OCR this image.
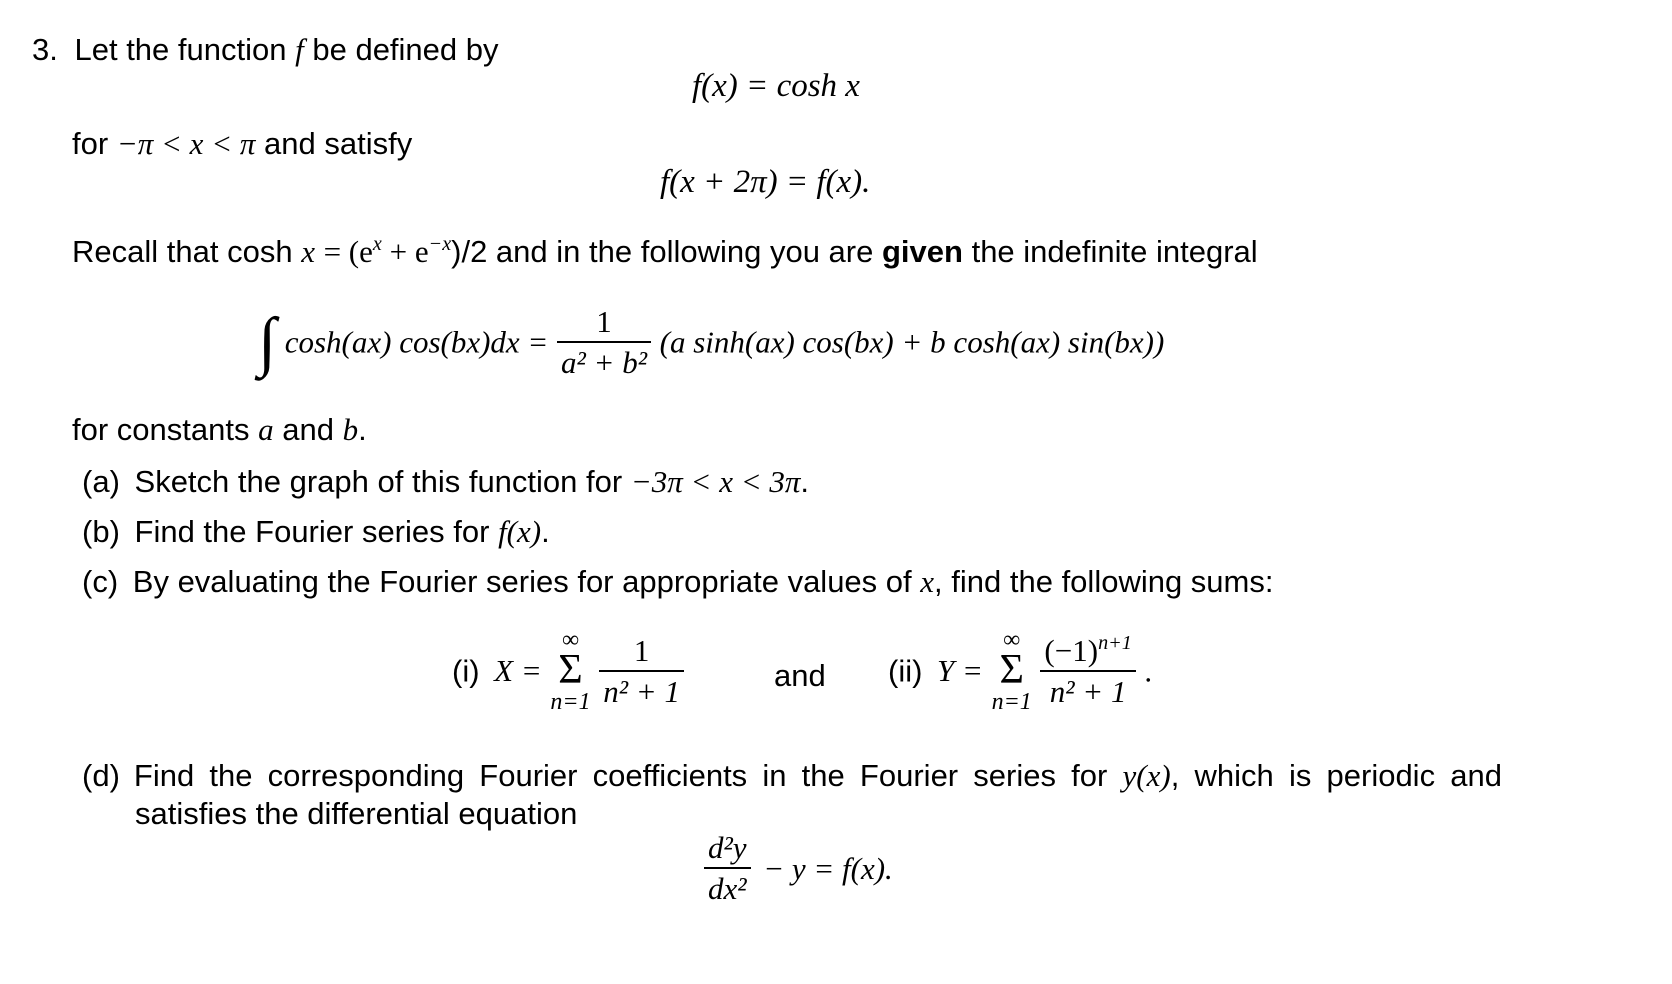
3. Let the function f be defined by
f(x) = cosh x
for −π < x < π and satisfy
f(x + 2π) = f(x).
Recall that $\cosh x = (e^x + e^{-x})/2$ and in the following you are given the indefinite integral
∫ cosh(ax) $\cos(bx)dx = \frac{1}{\text{a² + b²}} (a$ sinh(ax) cos(bx) + b cosh(ax) sin(bx))
for constants a and b.
(a) Sketch the graph of this function for −3π < x < 3π.
(b) Find the Fourier series for f(x).
(c) By evaluating the Fourier series for appropriate values of x, find the following sums:
(i) X =
∞
Σ
n=1
$\frac{1}{\text{n² + 1}}$	and (ii) Y =
∞
Σ
n=1
$\frac{(-1)^{n+1}}{\text{n² + 1}}$ .
(d) Find the corresponding Fourier coefficients in the Fourier series for y(x), which is periodic and
satisfies the differential equation
$\frac{\text{d²y}}{\text{dx²}} - y = f(x)$.
